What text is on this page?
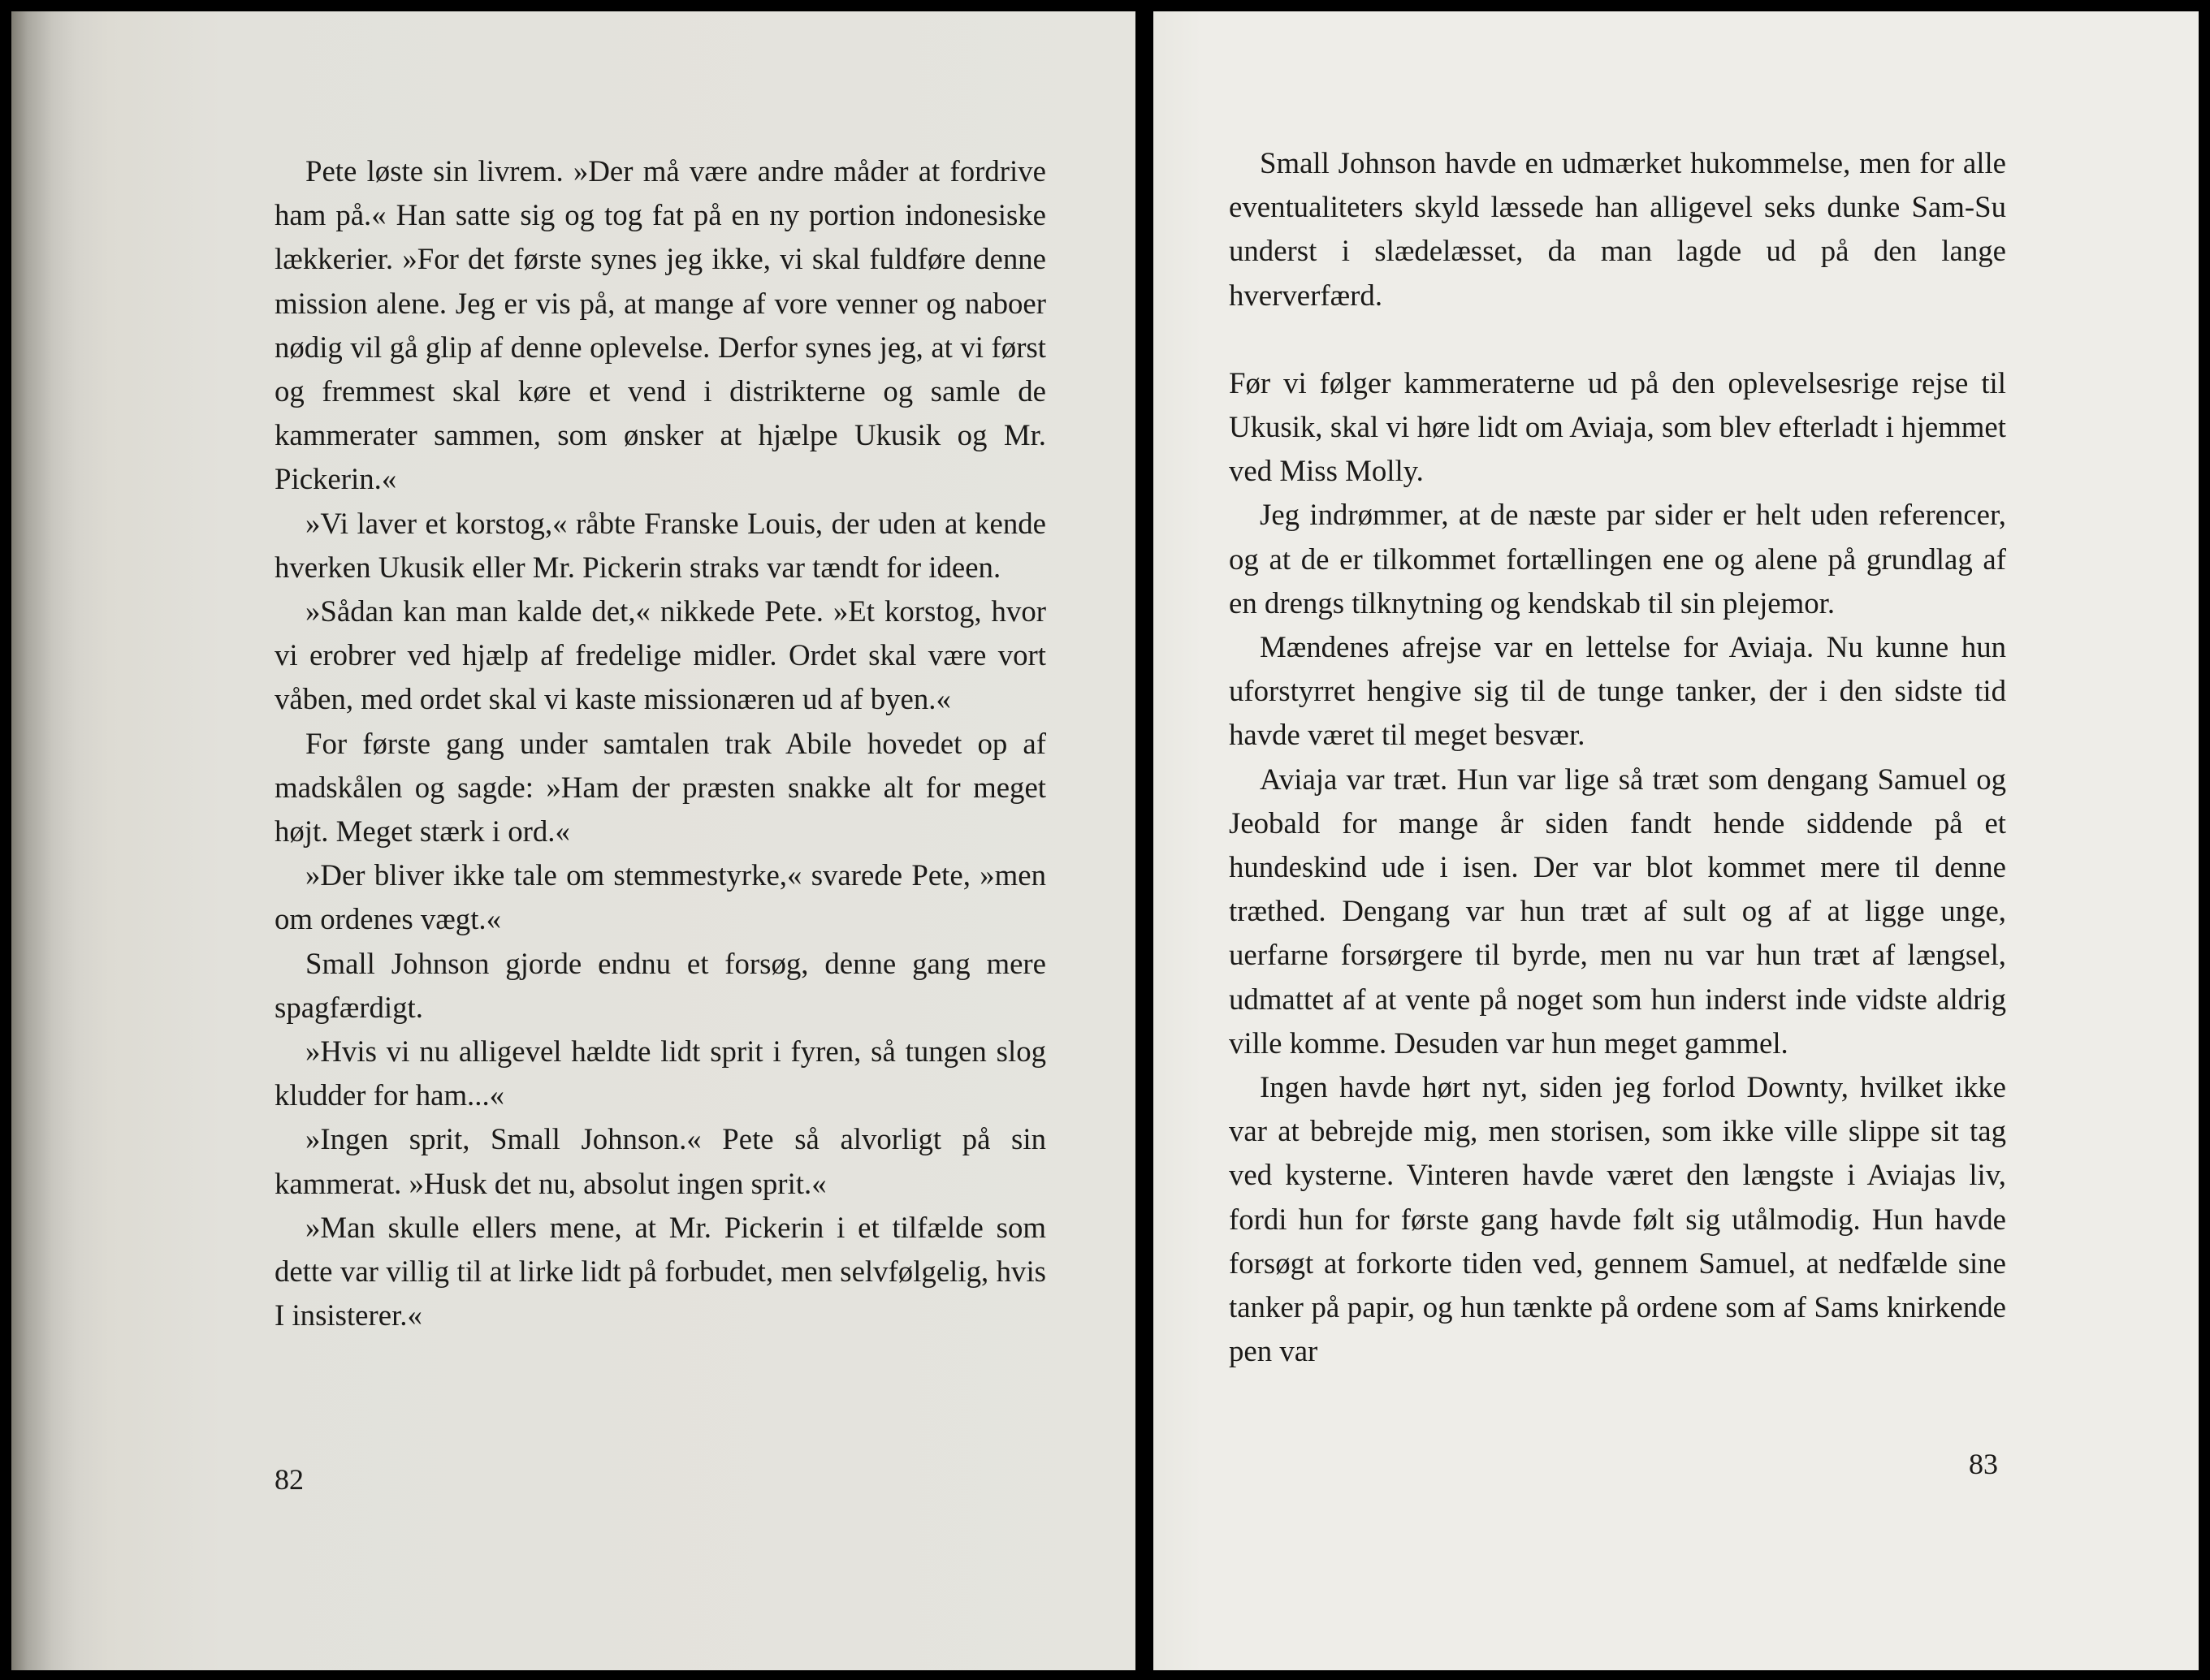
Pete løste sin livrem. »Der må være andre måder at fordrive ham på.« Han satte sig og tog fat på en ny portion indonesiske lækkerier. »For det første synes jeg ikke, vi skal fuldføre denne mission alene. Jeg er vis på, at mange af vore venner og naboer nødig vil gå glip af denne oplevelse. Derfor synes jeg, at vi først og fremmest skal køre et vend i distrikterne og samle de kammerater sammen, som ønsker at hjælpe Ukusik og Mr. Pickerin.«

»Vi laver et korstog,« råbte Franske Louis, der uden at kende hverken Ukusik eller Mr. Pickerin straks var tændt for ideen.

»Sådan kan man kalde det,« nikkede Pete. »Et korstog, hvor vi erobrer ved hjælp af fredelige midler. Ordet skal være vort våben, med ordet skal vi kaste missionæren ud af byen.«

For første gang under samtalen trak Abile hovedet op af madskålen og sagde: »Ham der præsten snakke alt for meget højt. Meget stærk i ord.«

»Der bliver ikke tale om stemmestyrke,« svarede Pete, »men om ordenes vægt.«

Small Johnson gjorde endnu et forsøg, denne gang mere spagfærdigt.

»Hvis vi nu alligevel hældte lidt sprit i fyren, så tungen slog kludder for ham...«

»Ingen sprit, Small Johnson.« Pete så alvorligt på sin kammerat. »Husk det nu, absolut ingen sprit.«

»Man skulle ellers mene, at Mr. Pickerin i et tilfælde som dette var villig til at lirke lidt på forbudet, men selvfølgelig, hvis I insisterer.«

82

Small Johnson havde en udmærket hukommelse, men for alle eventualiteters skyld læssede han alligevel seks dunke Sam-Su underst i slædelæsset, da man lagde ud på den lange hververfærd.

Før vi følger kammeraterne ud på den oplevelsesrige rejse til Ukusik, skal vi høre lidt om Aviaja, som blev efterladt i hjemmet ved Miss Molly.

Jeg indrømmer, at de næste par sider er helt uden referencer, og at de er tilkommet fortællingen ene og alene på grundlag af en drengs tilknytning og kendskab til sin plejemor.

Mændenes afrejse var en lettelse for Aviaja. Nu kunne hun uforstyrret hengive sig til de tunge tanker, der i den sidste tid havde været til meget besvær.

Aviaja var træt. Hun var lige så træt som dengang Samuel og Jeobald for mange år siden fandt hende siddende på et hundeskind ude i isen. Der var blot kommet mere til denne træthed. Dengang var hun træt af sult og af at ligge unge, uerfarne forsørgere til byrde, men nu var hun træt af længsel, udmattet af at vente på noget som hun inderst inde vidste aldrig ville komme. Desuden var hun meget gammel.

Ingen havde hørt nyt, siden jeg forlod Downty, hvilket ikke var at bebrejde mig, men storisen, som ikke ville slippe sit tag ved kysterne. Vinteren havde været den længste i Aviajas liv, fordi hun for første gang havde følt sig utålmodig. Hun havde forsøgt at forkorte tiden ved, gennem Samuel, at nedfælde sine tanker på papir, og hun tænkte på ordene som af Sams knirkende pen var

83
